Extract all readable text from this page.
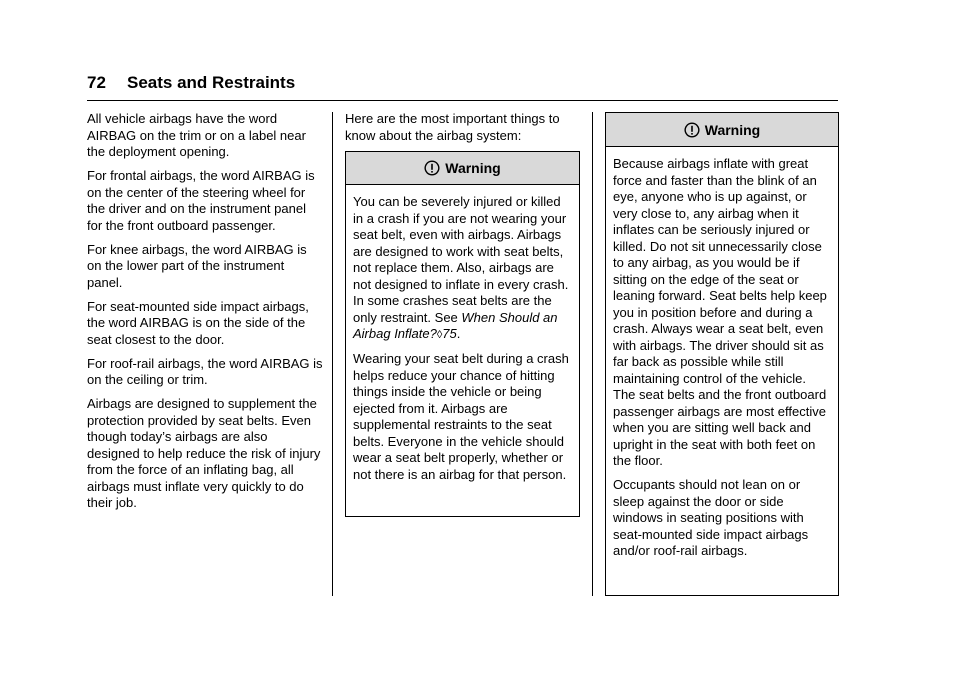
72 Seats and Restraints

All vehicle airbags have the word AIRBAG on the trim or on a label near the deployment opening.

For frontal airbags, the word AIRBAG is on the center of the steering wheel for the driver and on the instrument panel for the front outboard passenger.

For knee airbags, the word AIRBAG is on the lower part of the instrument panel.

For seat-mounted side impact airbags, the word AIRBAG is on the side of the seat closest to the door.

For roof-rail airbags, the word AIRBAG is on the ceiling or trim.

Airbags are designed to supplement the protection provided by seat belts. Even though today’s airbags are also designed to help reduce the risk of injury from the force of an inflating bag, all airbags must inflate very quickly to do their job.

Here are the most important things to know about the airbag system:

Warning

You can be severely injured or killed in a crash if you are not wearing your seat belt, even with airbags. Airbags are designed to work with seat belts, not replace them. Also, airbags are not designed to inflate in every crash. In some crashes seat belts are the only restraint. See When Should an Airbag Inflate?◊75.

Wearing your seat belt during a crash helps reduce your chance of hitting things inside the vehicle or being ejected from it. Airbags are supplemental restraints to the seat belts. Everyone in the vehicle should wear a seat belt properly, whether or not there is an airbag for that person.

Warning

Because airbags inflate with great force and faster than the blink of an eye, anyone who is up against, or very close to, any airbag when it inflates can be seriously injured or killed. Do not sit unnecessarily close to any airbag, as you would be if sitting on the edge of the seat or leaning forward. Seat belts help keep you in position before and during a crash. Always wear a seat belt, even with airbags. The driver should sit as far back as possible while still maintaining control of the vehicle. The seat belts and the front outboard passenger airbags are most effective when you are sitting well back and upright in the seat with both feet on the floor.

Occupants should not lean on or sleep against the door or side windows in seating positions with seat-mounted side impact airbags and/or roof-rail airbags.
